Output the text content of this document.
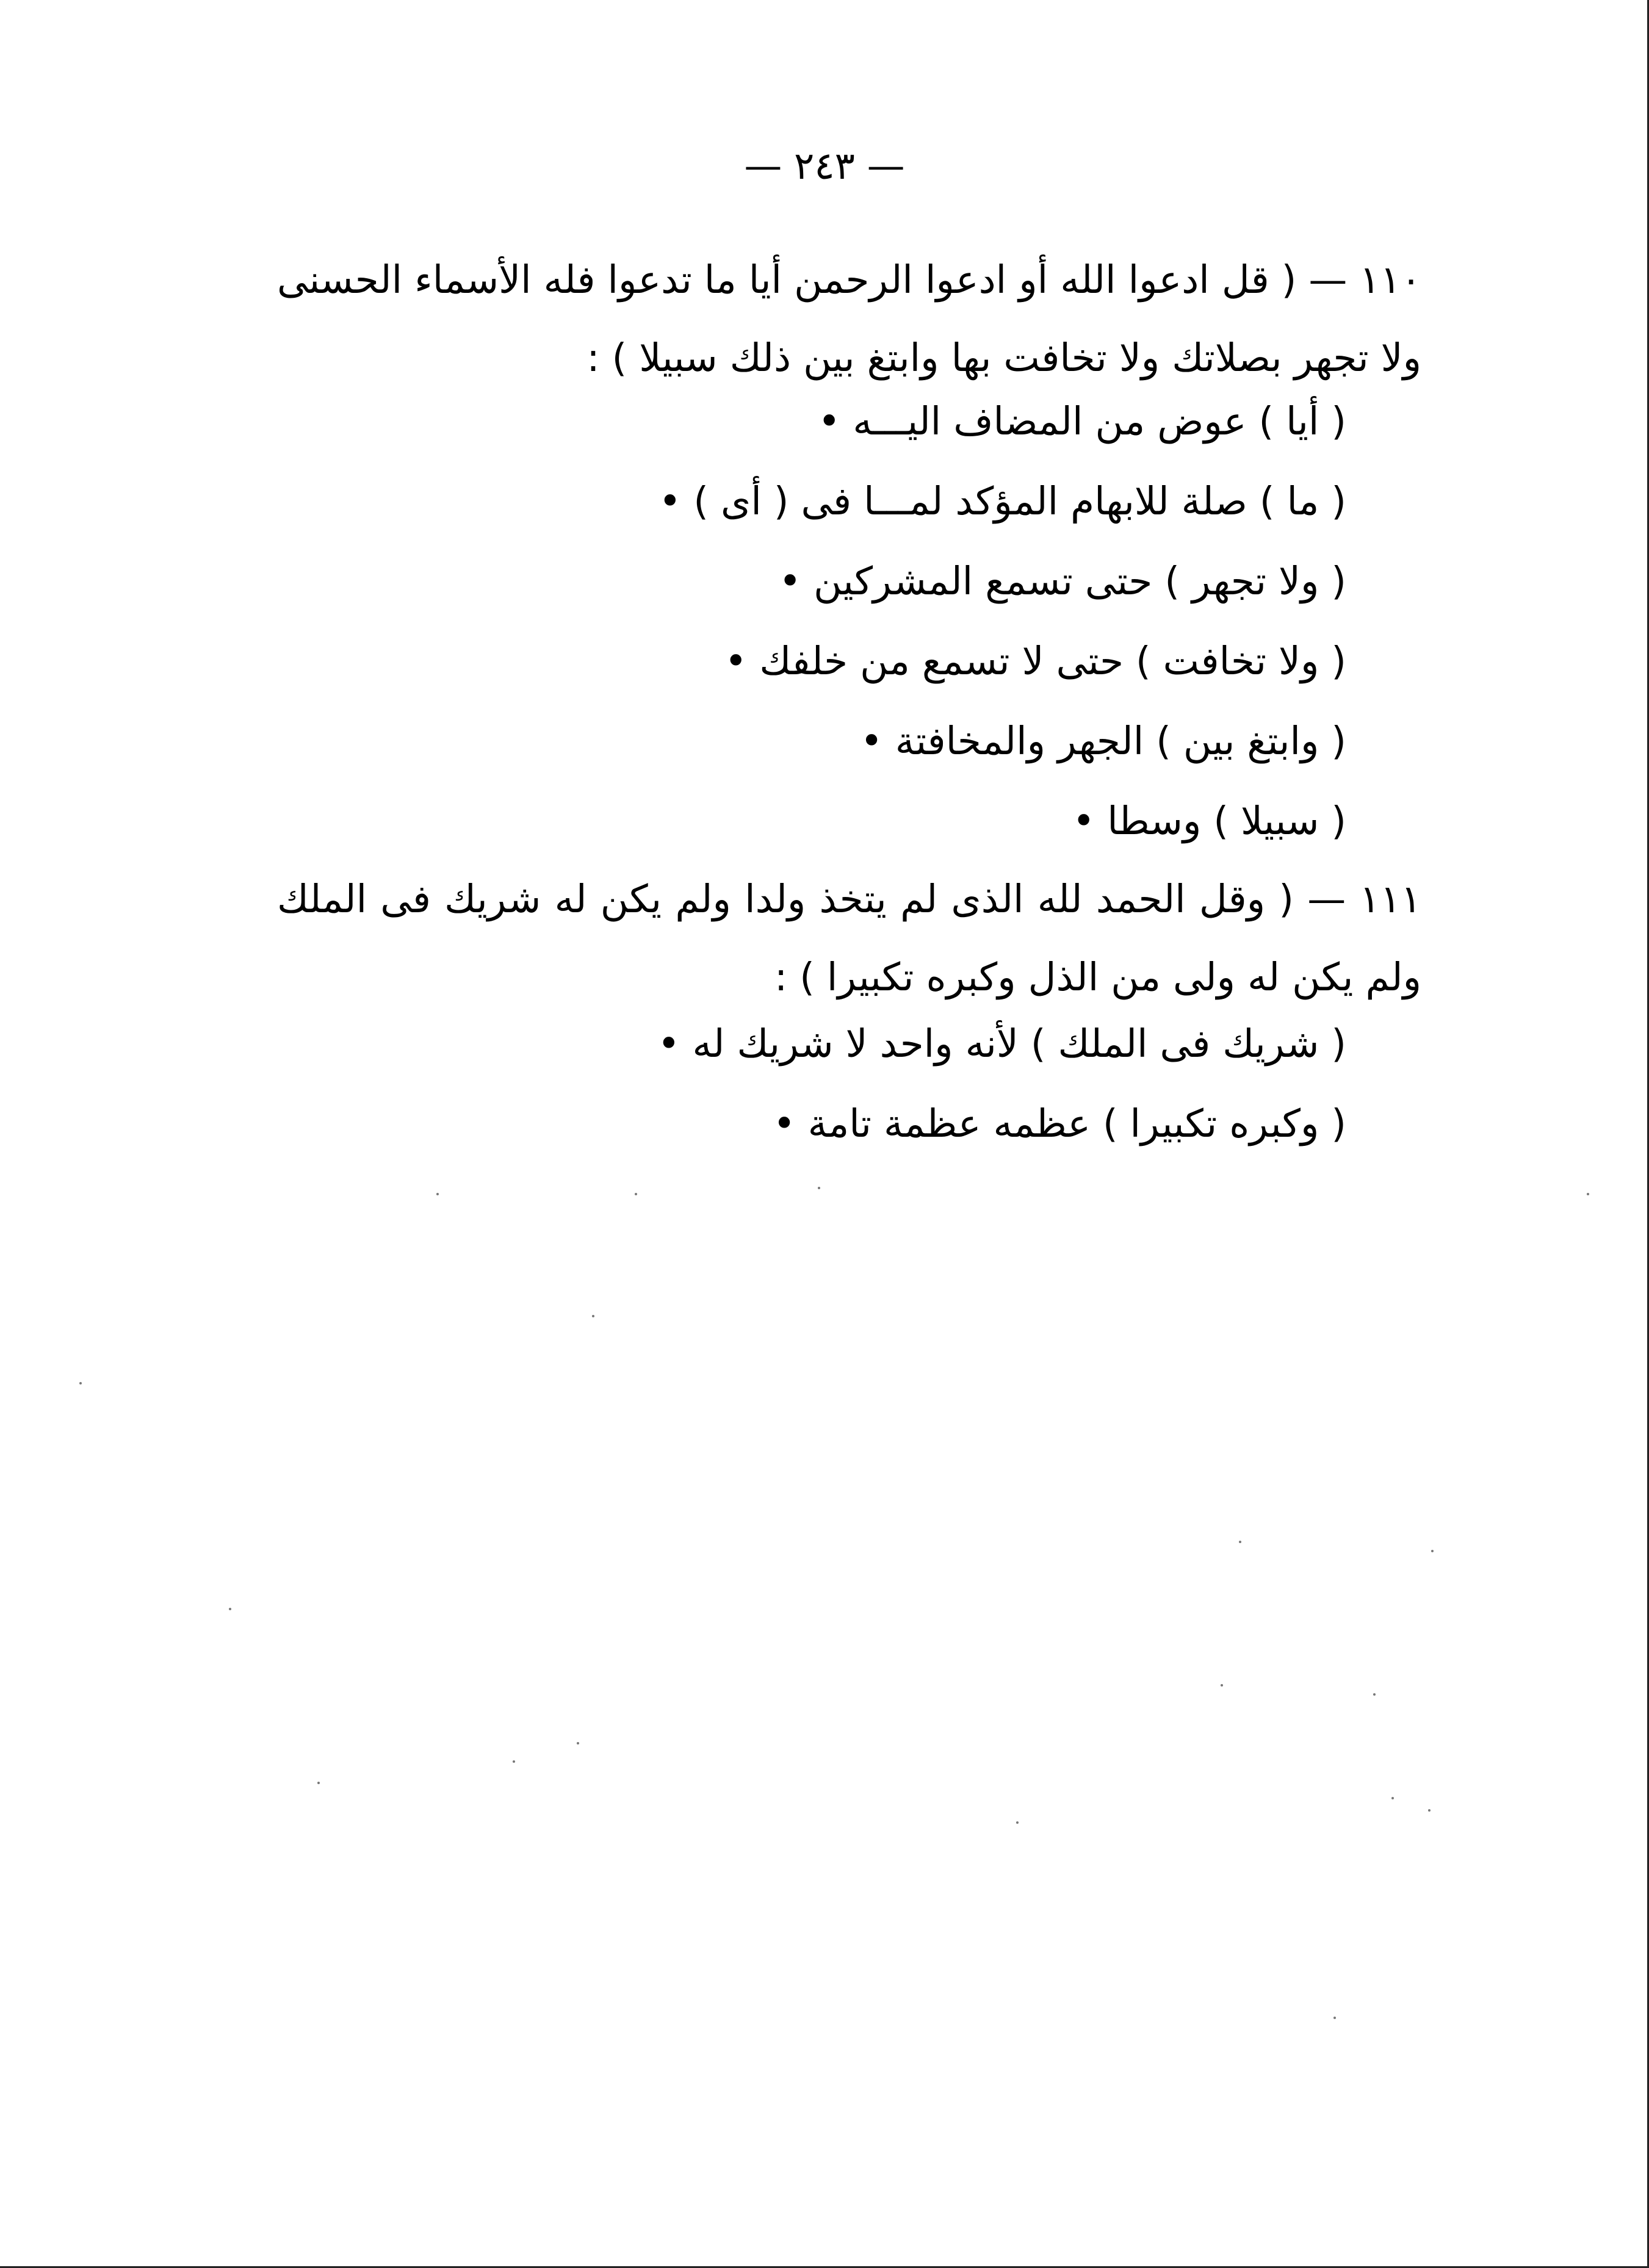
— ٢٤٣ —

١١٠ — ( قل ادعوا الله أو ادعوا الرحمن أيا ما تدعوا فله الأسماء الحسنى ولا تجهر بصلاتك ولا تخافت بها وابتغ بين ذلك سبيلا ) :

( أيا ) عوض من المضاف اليـــه •
( ما ) صلة للابهام المؤكد لمـــا فى ( أى ) •
( ولا تجهر ) حتى تسمع المشركين •
( ولا تخافت ) حتى لا تسمع من خلفك •
( وابتغ بين ) الجهر والمخافتة •
( سبيلا ) وسطا •

١١١ — ( وقل الحمد لله الذى لم يتخذ ولدا ولم يكن له شريك فى الملك ولم يكن له ولى من الذل وكبره تكبيرا ) :

( شريك فى الملك ) لأنه واحد لا شريك له •
( وكبره تكبيرا ) عظمه عظمة تامة •
